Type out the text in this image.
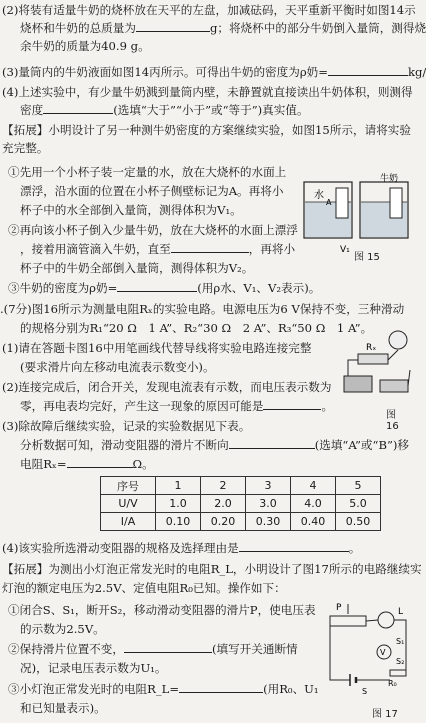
(2)将装有适量牛奶的烧杯放在天平的左盘，加减砝码，天平重新平衡时如图14示
烧杯和牛奶的总质量为	g；将烧杯中的部分牛奶倒入量筒，测得烧
余牛奶的质量为40.9 g。
(3)量筒内的牛奶液面如图14丙所示。可得出牛奶的密度为ρ奶=	kg/
(4)上述实验中，有少量牛奶溅到量筒内壁，未静置就直接读出牛奶体积，则测得
密度	(选填“大于”“小于”或“等于”)真实值。
【拓展】小明设计了另一种测牛奶密度的方案继续实验，如图15所示，请将实验
充完整。
①先用一个小杯子装一定量的水，放在大烧杯的水面上
漂浮，沿水面的位置在小杯子侧壁标记为A。再将小
杯子中的水全部倒入量筒，测得体积为V₁。
②再向该小杯子倒入少量牛奶，放在大烧杯的水面上漂浮
，接着用滴管滴入牛奶，直至	，再将小
杯子中的牛奶全部倒入量筒，测得体积为V₂。
③牛奶的密度为ρ奶=	(用ρ水、V₁、V₂表示)。
水
A
牛奶
V₁
图 15
.(7分)图16所示为测量电阻Rₓ的实验电路。电源电压为6 V保持不变，三种滑动
的规格分别为R₁“20 Ω　1 A”、R₂“30 Ω　2 A”、R₃“50 Ω　1 A”。
(1)请在答题卡图16中用笔画线代替导线将实验电路连接完整
(要求滑片向左移动电流表示数变小)。
(2)连接完成后，闭合开关，发现电流表有示数，而电压表示数为
零，再电表均完好，产生这一现象的原因可能是	。
(3)除故障后继续实验，记录的实验数据见下表。
分析数据可知，滑动变阻器的滑片不断向	(选填“A”或“B”)移
电阻Rₓ=	Ω。
Rₓ
图 16
序号	1	2	3	4	5
U/V	1.0	2.0	3.0	4.0	5.0
I/A	0.10	0.20	0.30	0.40	0.50
(4)该实验所选滑动变阻器的规格及选择理由是	。
【拓展】为测出小灯泡正常发光时的电阻R_L，小明设计了图17所示的电路继续实
灯泡的额定电压为2.5V、定值电阻R₀已知。操作如下：
①闭合S、S₁，断开S₂，移动滑动变阻器的滑片P，使电压表
的示数为2.5V。
②保持滑片位置不变，	(填写开关通断情
况)，记录电压表示数为U₁。
③小灯泡正常发光时的电阻R_L=	(用R₀、U₁
和已知量表示)。
P	L
V
S₁
S₂
R₀
S
图 17
